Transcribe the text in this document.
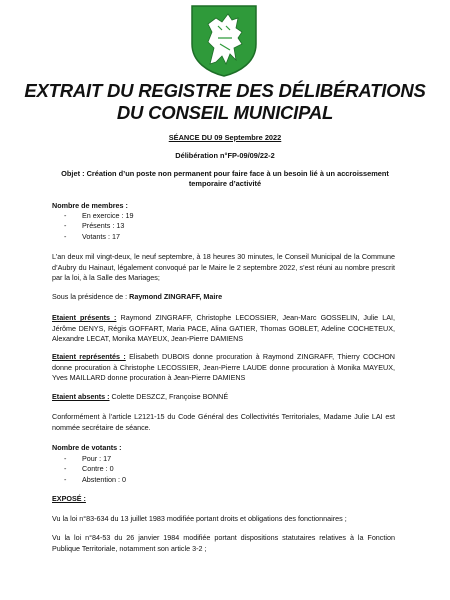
EXTRAIT DU REGISTRE DES DÉLIBÉRATIONS
DU CONSEIL MUNICIPAL
SÉANCE DU 09 Septembre 2022
Délibération n°FP-09/09/22-2
Objet : Création d’un poste non permanent pour faire face à un besoin lié à un accroissement
temporaire d’activité
Nombre de membres :
- En exercice : 19
- Présents : 13
- Votants : 17
L’an deux mil vingt-deux, le neuf septembre, à 18 heures 30 minutes, le Conseil Municipal de la Commune d’Aubry du Hainaut, légalement convoqué par le Maire le 2 septembre 2022, s’est réuni au nombre prescrit par la loi, à la Salle des Mariages;
Sous la présidence de : Raymond ZINGRAFF, Maire
Etaient présents : Raymond ZINGRAFF, Christophe LECOSSIER, Jean-Marc GOSSELIN, Julie LAI, Jérôme DENYS, Régis GOFFART, Maria PACE, Alina GATIER, Thomas GOBLET, Adeline COCHETEUX, Alexandre LECAT, Monika MAYEUX, Jean-Pierre DAMIENS
Etaient représentés : Elisabeth DUBOIS donne procuration à Raymond ZINGRAFF, Thierry COCHON donne procuration à Christophe LECOSSIER, Jean-Pierre LAUDE donne procuration à Monika MAYEUX, Yves MAILLARD donne procuration à Jean-Pierre DAMIENS
Etaient absents : Colette DESZCZ, Françoise BONNÉ
Conformément à l’article L2121-15 du Code Général des Collectivités Territoriales, Madame Julie LAI est nommée secrétaire de séance.
Nombre de votants :
- Pour : 17
- Contre : 0
- Abstention : 0
EXPOSÉ :
Vu la loi n°83-634 du 13 juillet 1983 modifiée portant droits et obligations des fonctionnaires ;
Vu la loi n°84-53 du 26 janvier 1984 modifiée portant dispositions statutaires relatives à la Fonction Publique Territoriale, notamment son article 3-2 ;
